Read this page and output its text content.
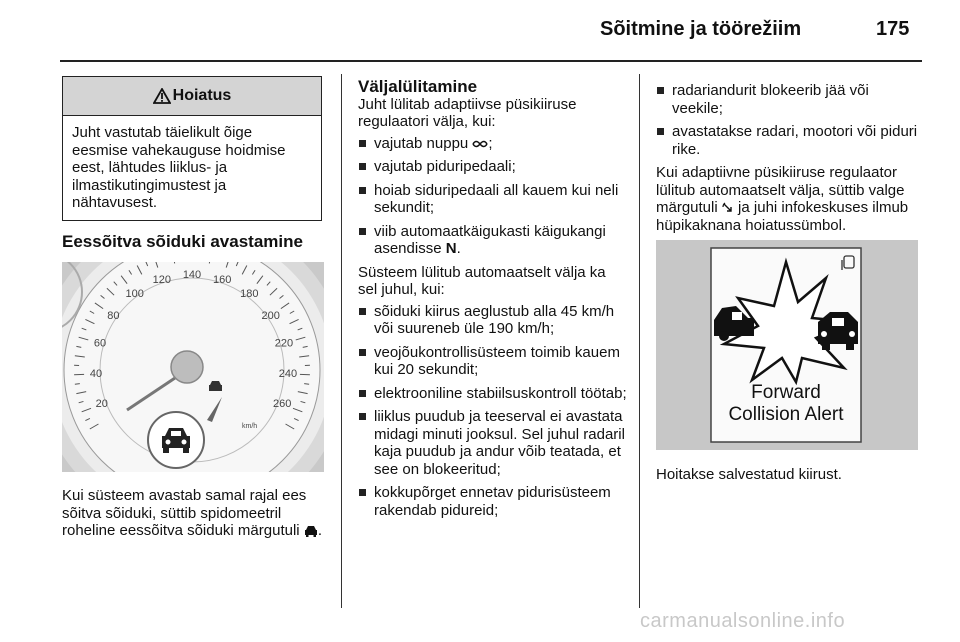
Sõitmine ja töörežiim	175
Hoiatus
Juht vastutab täielikult õige eesmise vahekauguse hoidmise eest, lähtudes liiklus- ja ilmastikutingimustest ja nähtavusest.
Eessõitva sõiduki avastamine
20
40
60
80
100
120 140 160
180
200
220
240
260
km/h

Kui süsteem avastab samal rajal ees sõitva sõiduki, süttib spidomeetril roheline eessõitva sõiduki märgutuli .

Väljalülitamine

Juht lülitab adaptiivse püsikiiruse regulaatori välja, kui:

vajutab nuppu ;
vajutab piduripedaali;
hoiab siduripedaali all kauem kui neli sekundit;
viib automaatkäigukasti käigukangi asendisse N.

Süsteem lülitub automaatselt välja ka sel juhul, kui:

sõiduki kiirus aeglustub alla 45 km/h või suureneb üle 190 km/h;
veojõukontrollisüsteem toimib kauem kui 20 sekundit;
elektrooniline stabiilsuskontroll töötab;
liiklus puudub ja teeserval ei avastata midagi minuti jooksul. Sel juhul radaril kaja puudub ja andur võib teatada, et see on blokeeritud;
kokkupõrget ennetav pidurisüsteem rakendab pidureid;
radariandurit blokeerib jää või veekile;
avastatakse radari, mootori või piduri rike.

Kui adaptiivne püsikiiruse regulaator lülitub automaatselt välja, süttib valge märgutuli ja juhi infokeskuses ilmub hüpikaknana hoiatussümbol.

Forward
Collision Alert
Hoitakse salvestatud kiirust.
carmanualsonline.info
